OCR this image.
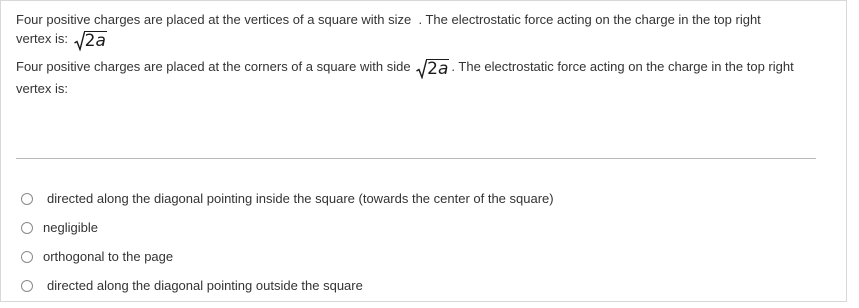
Four positive charges are placed at the vertices of a square with size . The electrostatic force acting on the charge in the top right
vertex is: 2a
Four positive charges are placed at the corners of a square with side 2a . The electrostatic force acting on the charge in the top right vertex is:
directed along the diagonal pointing inside the square (towards the center of the square)
negligible
orthogonal to the page
directed along the diagonal pointing outside the square
